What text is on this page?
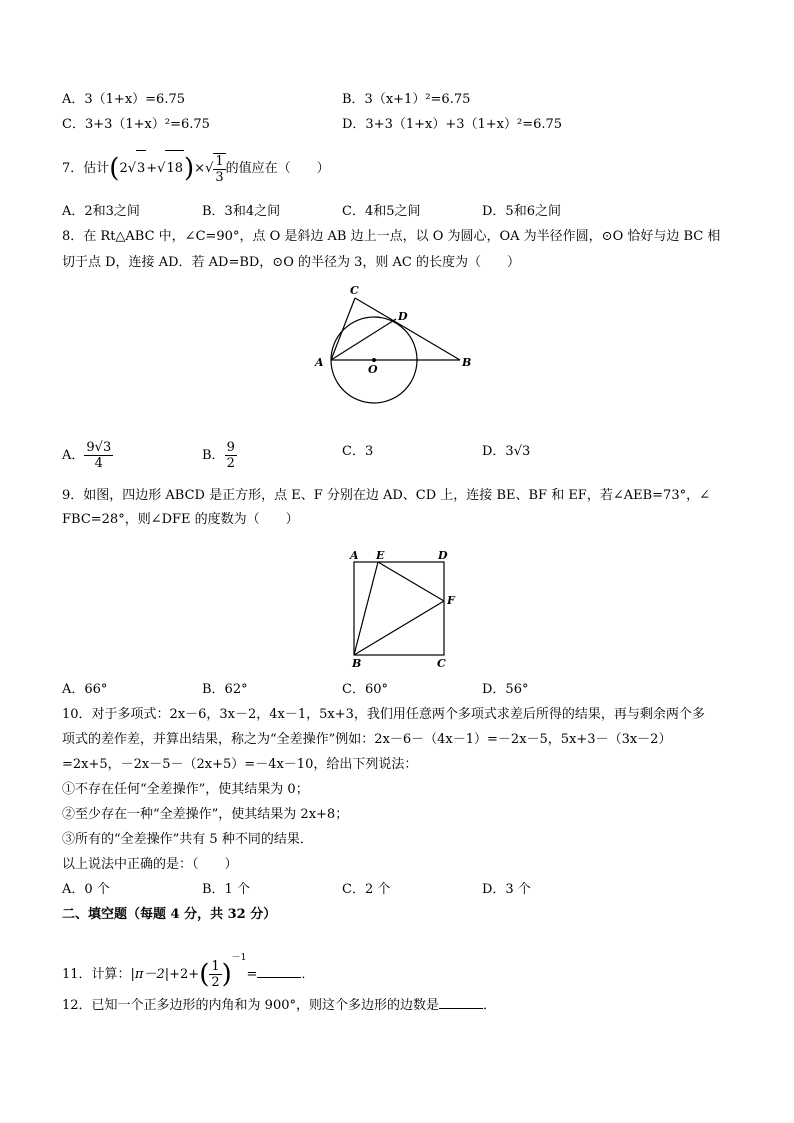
A．3（1+x）=6.75	B．3（x+1）²=6.75
C．3+3（1+x）²=6.75	D．3+3（1+x）+3（1+x）²=6.75
7．估计$(2√3+√18)\times√ \frac{1}{3}$ 的值应在（　　）
A．2和3之间	B．3和4之间	C．4和5之间	D．5和6之间
8．在 Rt△ABC 中，∠C=90°，点 O 是斜边 AB 边上一点，以 O 为圆心，OA 为半径作圆，⊙O 恰好与边 BC 相
切于点 D，连接 AD．若 AD=BD，⊙O 的半径为 3，则 AC 的长度为（　　）
C
D
A
O
B
A． $\frac{9√3}{4}$	B． $\frac{9}{2}$	C．3	D．3√3
9．如图，四边形 ABCD 是正方形，点 E、F 分别在边 AD、CD 上，连接 BE、BF 和 EF，若∠AEB=73°，∠
FBC=28°，则∠DFE 的度数为（　　）
A E	D
F
B	C
A．66°	B．62°	C．60°	D．56°
10．对于多项式：2x－6，3x－2，4x－1，5x+3，我们用任意两个多项式求差后所得的结果，再与剩余两个多
项式的差作差，并算出结果，称之为“全差操作”例如：2x－6－（4x－1）=－2x－5，5x+3－（3x－2）
=2x+5，－2x－5－（2x+5）=－4x－10，给出下列说法：
①不存在任何“全差操作”，使其结果为 0；
②至少存在一种“全差操作”，使其结果为 2x+8；
③所有的“全差操作”共有 5 种不同的结果．
以上说法中正确的是：（　　）
A．0 个	B．1 个	C．2 个	D．3 个
二、填空题（每题 4 分，共 32 分）
11．计算：$|\pi-2|+2+( \frac{1}{2} )^{-1}=$	．
12．已知一个正多边形的内角和为 900°，则这个多边形的边数是	．
